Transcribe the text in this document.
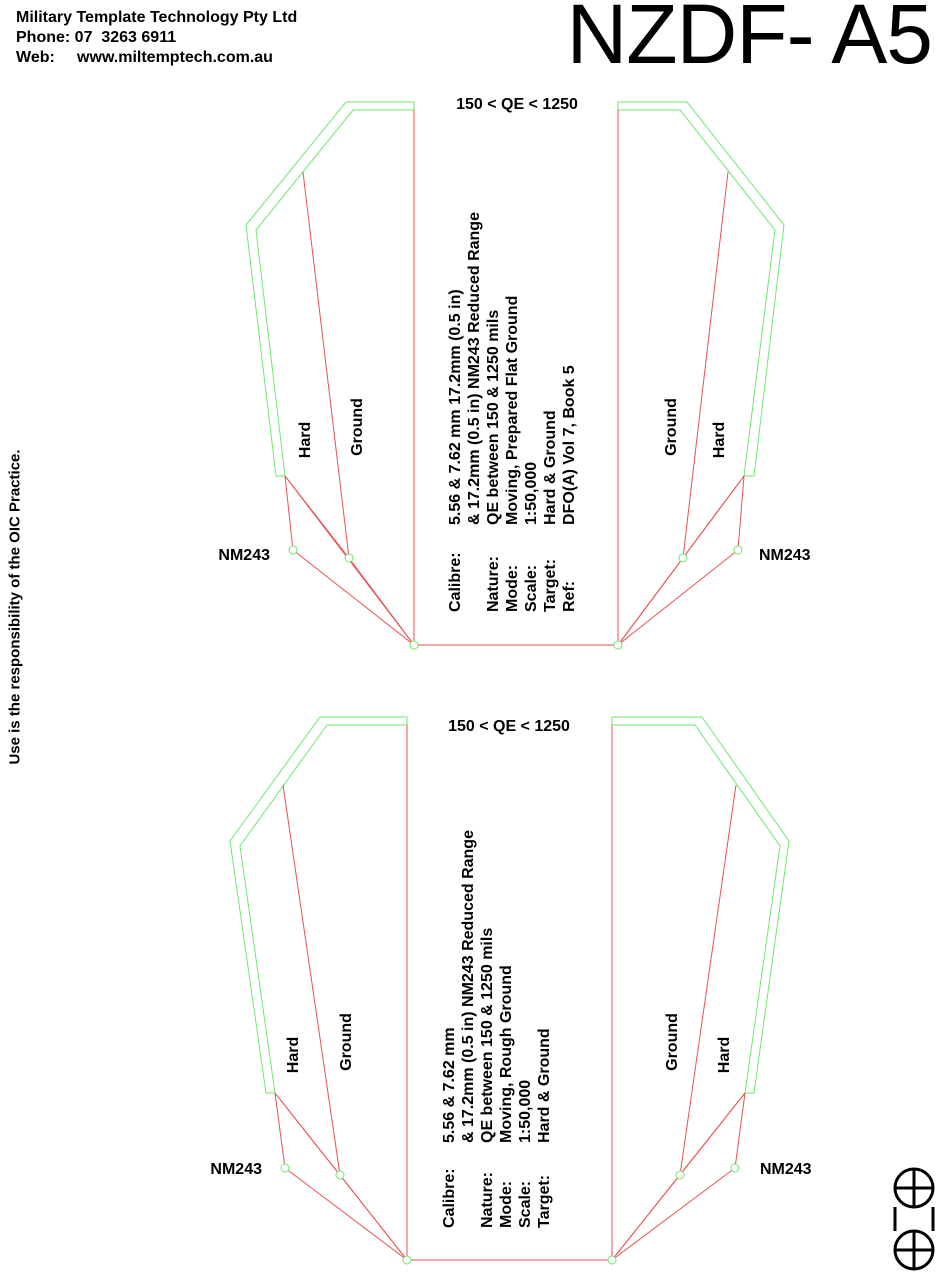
Military Template Technology Pty Ltd
Phone: 07  3263 6911
Web: www.miltemptech.com.au	NZDF- A5
Use is the responsibility of the OIC Practice.
150 < QE < 1250
NM243	NM243
Hard Ground	Ground Hard
Calibre:
5.56 & 7.62 mm 17.2mm (0.5 in) & 17.2mm (0.5 in) NM243 Reduced Range
Nature:
QE between 150 & 1250 mils
Mode:
Moving, Prepared Flat Ground
Scale:
1:50,000
Target:
Hard & Ground
Ref:
DFO(A) Vol 7, Book 5
150 < QE < 1250
NM243	NM243
Hard Ground	Ground Hard
Calibre:
5.56 & 7.62 mm & 17.2mm (0.5 in) NM243 Reduced Range
Nature:
QE between 150 & 1250 mils
Mode:
Moving, Rough Ground
Scale:
1:50,000
Target:
Hard & Ground
